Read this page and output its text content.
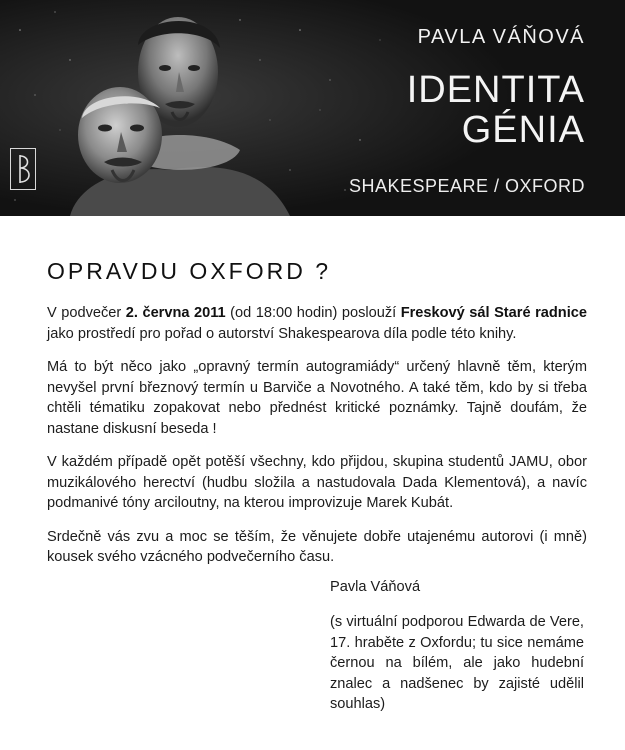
PAVLA VÁŇOVÁ
IDENTITA
GÉNIA
SHAKESPEARE / OXFORD
OPRAVDU OXFORD ?

V podvečer 2. června 2011 (od 18:00 hodin) poslouží Freskový sál Staré radnice jako prostředí pro pořad o autorství Shakespearova díla podle této knihy.

Má to být něco jako „opravný termín autogramiády“ určený hlavně těm, kterým nevyšel první březnový termín u Barviče a Novotného. A také těm, kdo by si třeba chtěli tématiku zopakovat nebo přednést kritické poznámky. Tajně doufám, že nastane diskusní beseda !

V každém případě opět potěší všechny, kdo přijdou, skupina studentů JAMU, obor muzikálového herectví (hudbu složila a nastudovala Dada Klementová), a navíc podmanivé tóny arciloutny, na kterou improvizuje Marek Kubát.

Srdečně vás zvu a moc se těším, že věnujete dobře utajenému autorovi (i mně) kousek svého vzácného podvečerního času.

Pavla Váňová
(s virtuální podporou Edwarda de Vere, 17. hraběte z Oxfordu; tu sice nemáme černou na bílém, ale jako hudební znalec a nadšenec by zajisté udělil souhlas)
